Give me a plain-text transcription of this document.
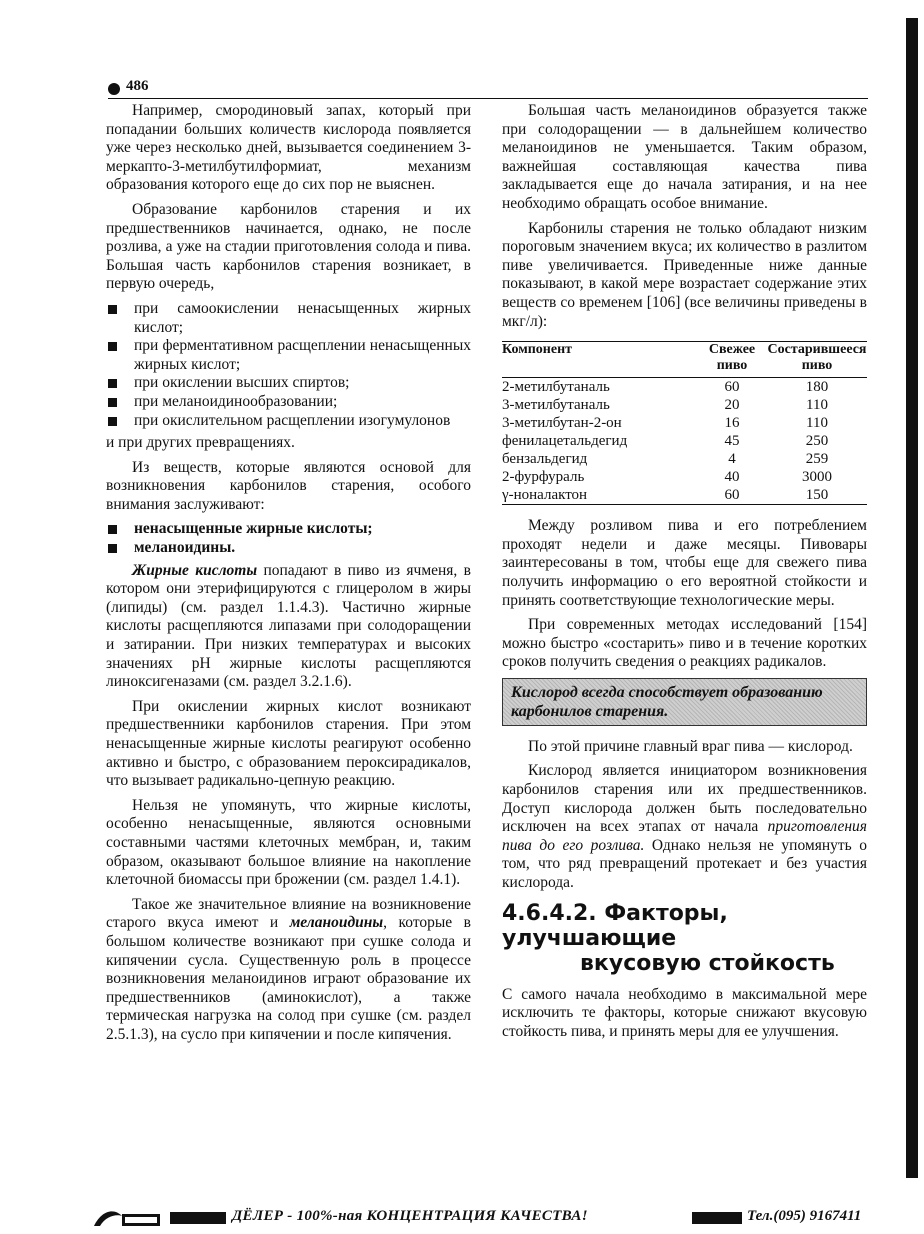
486

Например, смородиновый запах, который при попадании больших количеств кислорода появляется уже через несколько дней, вызывается соединением 3-меркапто-3-метилбутилформиат, механизм образования которого еще до сих пор не выяснен.

Образование карбонилов старения и их предшественников начинается, однако, не после розлива, а уже на стадии приготовления солода и пива. Большая часть карбонилов старения возникает, в первую очередь,

при самоокислении ненасыщенных жирных кислот;
при ферментативном расщеплении ненасыщенных жирных кислот;
при окислении высших спиртов;
при меланоидинообразовании;
при окислительном расщеплении изогумулонов

и при других превращениях.

Из веществ, которые являются основой для возникновения карбонилов старения, особого внимания заслуживают:

ненасыщенные жирные кислоты;
меланоидины.

Жирные кислоты попадают в пиво из ячменя, в котором они этерифицируются с глицеролом в жиры (липиды) (см. раздел 1.1.4.3). Частично жирные кислоты расщепляются липазами при солодоращении и затирании. При низких температурах и высоких значениях pH жирные кислоты расщепляются линоксигеназами (см. раздел 3.2.1.6).

При окислении жирных кислот возникают предшественники карбонилов старения. При этом ненасыщенные жирные кислоты реагируют особенно активно и быстро, с образованием пероксирадикалов, что вызывает радикально-цепную реакцию.

Нельзя не упомянуть, что жирные кислоты, особенно ненасыщенные, являются основными составными частями клеточных мембран, и, таким образом, оказывают большое влияние на накопление клеточной биомассы при брожении (см. раздел 1.4.1).

Такое же значительное влияние на возникновение старого вкуса имеют и меланоидины, которые в большом количестве возникают при сушке солода и кипячении сусла. Существенную роль в процессе возникновения меланоидинов играют образование их предшественников (аминокислот), а также термическая нагрузка на солод при сушке (см. раздел 2.5.1.3), на сусло при кипячении и после кипячения.

Большая часть меланоидинов образуется также при солодоращении — в дальнейшем количество меланоидинов не уменьшается. Таким образом, важнейшая составляющая качества пива закладывается еще до начала затирания, и на нее необходимо обращать особое внимание.

Карбонилы старения не только обладают низким пороговым значением вкуса; их количество в разлитом пиве увеличивается. Приведенные ниже данные показывают, в какой мере возрастает содержание этих веществ со временем [106] (все величины приведены в мкг/л):

Компонент	Свежее пиво	Состарившееся пиво
2-метилбутаналь	60	180
3-метилбутаналь	20	110
3-метилбутан-2-он	16	110
фенилацетальдегид	45	250
бензальдегид	4	259
2-фурфураль	40	3000
γ-ноналактон	60	150

Между розливом пива и его потреблением проходят недели и даже месяцы. Пивовары заинтересованы в том, чтобы еще для свежего пива получить информацию о его вероятной стойкости и принять соответствующие технологические меры.

При современных методах исследований [154] можно быстро «состарить» пиво и в течение коротких сроков получить сведения о реакциях радикалов.

Кислород всегда способствует образованию карбонилов старения.

По этой причине главный враг пива — кислород.

Кислород является инициатором возникновения карбонилов старения или их предшественников. Доступ кислорода должен быть последовательно исключен на всех этапах от начала приготовления пива до его розлива. Однако нельзя не упомянуть о том, что ряд превращений протекает и без участия кислорода.

4.6.4.2. Факторы, улучшающие
вкусовую стойкость

С самого начала необходимо в максимальной мере исключить те факторы, которые снижают вкусовую стойкость пива, и принять меры для ее улучшения.

ДЁЛЕР - 100%-ная КОНЦЕНТРАЦИЯ КАЧЕСТВА!	Тел.(095) 9167411
